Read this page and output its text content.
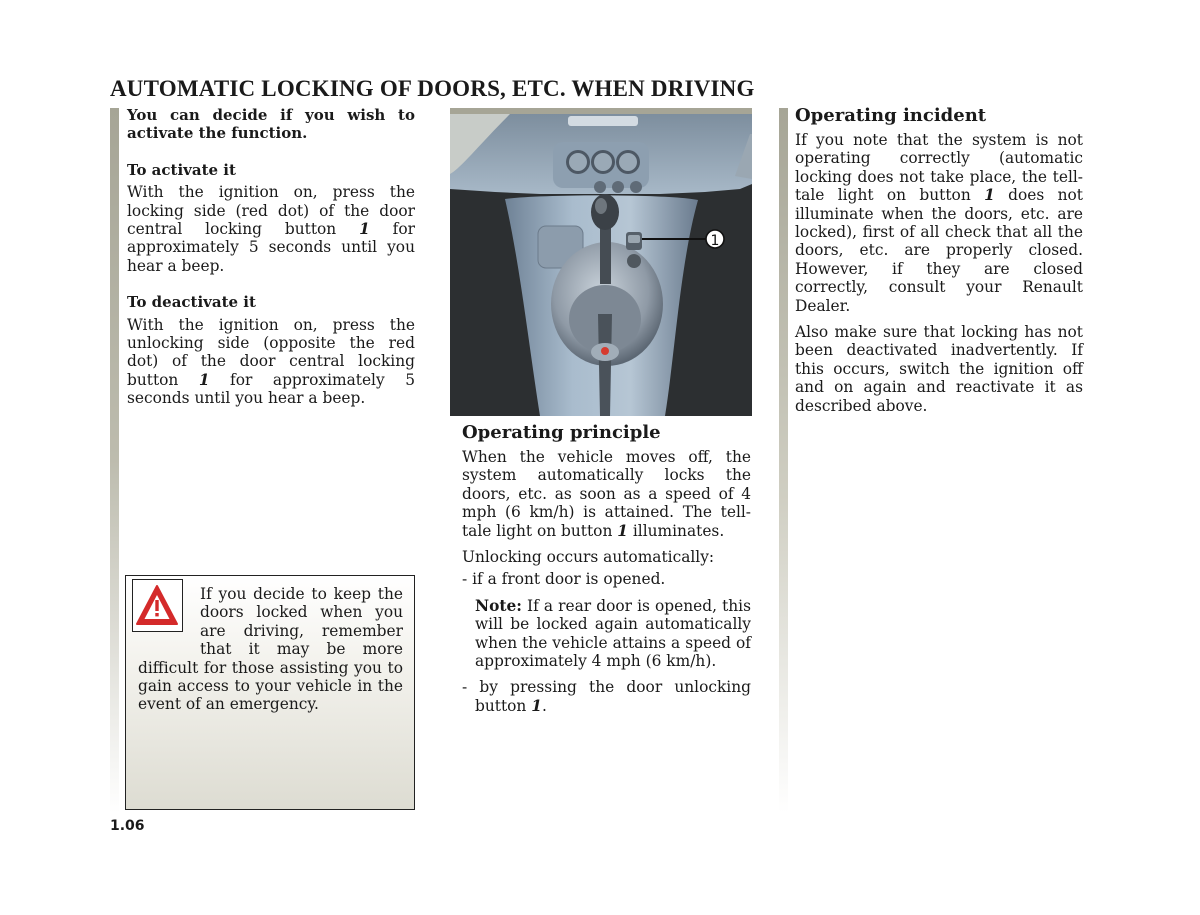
AUTOMATIC LOCKING OF DOORS, ETC. WHEN DRIVING

You can decide if you wish to activate the function.

To activate it

With the ignition on, press the locking side (red dot) of the door central locking button 1 for approximately 5 seconds until you hear a beep.

To deactivate it

With the ignition on, press the unlocking side (opposite the red dot) of the door central locking button 1 for approximately 5 seconds until you hear a beep.

If you decide to keep the doors locked when you are driving, remember that it may be more difficult for those assisting you to gain access to your vehicle in the event of an emergency.

1

Operating principle

When the vehicle moves off, the system automatically locks the doors, etc. as soon as a speed of 4 mph (6 km/h) is attained. The tell-tale light on button 1 illuminates.

Unlocking occurs automatically:

- if a front door is opened.

Note: If a rear door is opened, this will be locked again automatically when the vehicle attains a speed of approximately 4 mph (6 km/h).

- by pressing the door unlocking button 1.

Operating incident

If you note that the system is not operating correctly (automatic locking does not take place, the tell-tale light on button 1 does not illuminate when the doors, etc. are locked), first of all check that all the doors, etc. are properly closed. However, if they are closed correctly, consult your Renault Dealer.

Also make sure that locking has not been deactivated inadvertently. If this occurs, switch the ignition off and on again and reactivate it as described above.

1.06
